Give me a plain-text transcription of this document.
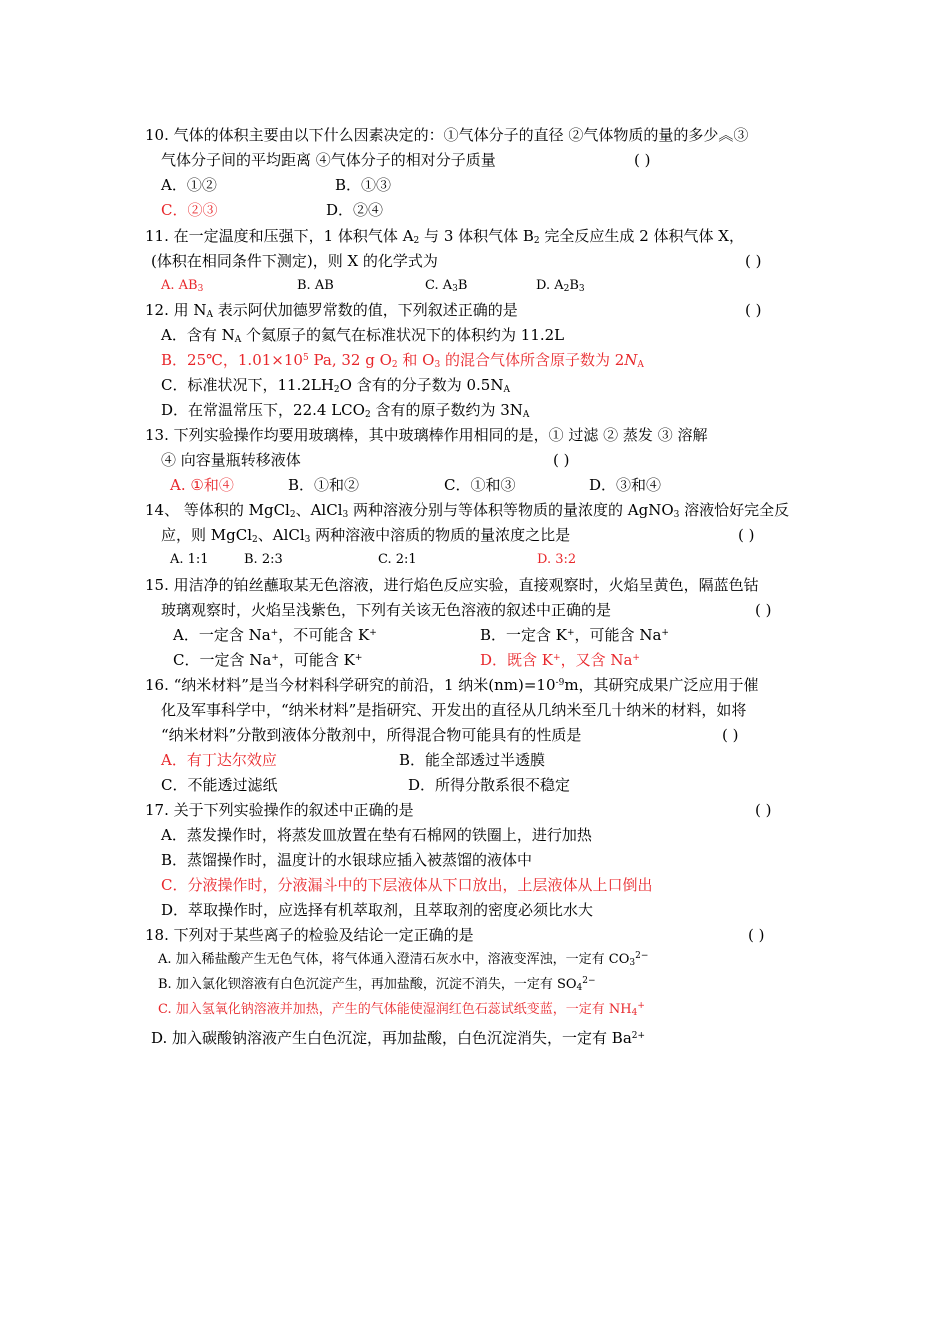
10. 气体的体积主要由以下什么因素决定的：①气体分子的直径 ②气体物质的量的多少︽③
气体分子间的平均距离 ④气体分子的相对分子质量	( )
A．①②	B．①③
C．②③	D．②④
11. 在一定温度和压强下，1 体积气体 $A_2$ 与 3 体积气体 $B_2$ 完全反应生成 2 体积气体 X，
(体积在相同条件下测定)，则 X 的化学式为	( )
A. $AB_3$	B. AB	C. $A_3B$	D. $A_2B_3$
12. 用 $N_A$ 表示阿伏加德罗常数的值，下列叙述正确的是	( )
A．含有 $N_A$ 个氦原子的氦气在标准状况下的体积约为 11.2L
B．25℃，$1.01\times 10^5$ Pa, 32 g $O_2$ 和 $O_3$ 的混合气体所含原子数为 $2N_A$
C．标准状况下，$11.2LH_2O$ 含有的分子数为 $0.5N_A$
D．在常温常压下，22.4 $LCO_2$ 含有的原子数约为 $3N_A$
13. 下列实验操作均要用玻璃棒，其中玻璃棒作用相同的是，① 过滤 ② 蒸发 ③ 溶解
④ 向容量瓶转移液体	( )
A. ①和④	B．①和②	C．①和③	D．③和④
14、 等体积的 MgCl$_2$、AlCl$_3$ 两种溶液分别与等体积等物质的量浓度的 AgNO$_3$ 溶液恰好完全反
应，则 MgCl$_2$、AlCl$_3$ 两种溶液中溶质的物质的量浓度之比是	( )
A. 1:1	B. 2:3	C. 2:1	D. 3:2
15. 用洁净的铂丝蘸取某无色溶液，进行焰色反应实验，直接观察时，火焰呈黄色，隔蓝色钴
玻璃观察时，火焰呈浅紫色，下列有关该无色溶液的叙述中正确的是	( )
A．一定含 Na+，不可能含 K+	B．一定含 K+，可能含 Na+
C．一定含 Na+，可能含 K+	D．既含 K+，又含 Na+
16. “纳米材料”是当今材料科学研究的前沿，1 纳米$(nm)=10^{-9}m$，其研究成果广泛应用于催
化及军事科学中，“纳米材料”是指研究、开发出的直径从几纳米至几十纳米的材料，如将
“纳米材料”分散到液体分散剂中，所得混合物可能具有的性质是	( )
A．有丁达尔效应	B．能全部透过半透膜
C．不能透过滤纸	D．所得分散系很不稳定
17. 关于下列实验操作的叙述中正确的是	( )
A．蒸发操作时，将蒸发皿放置在垫有石棉网的铁圈上，进行加热
B．蒸馏操作时，温度计的水银球应插入被蒸馏的液体中
C．分液操作时，分液漏斗中的下层液体从下口放出，上层液体从上口倒出
D．萃取操作时，应选择有机萃取剂，且萃取剂的密度必须比水大
18. 下列对于某些离子的检验及结论一定正确的是	( )
A. 加入稀盐酸产生无色气体，将气体通入澄清石灰水中，溶液变浑浊，一定有 $CO_3^{2-}$
B. 加入氯化钡溶液有白色沉淀产生，再加盐酸，沉淀不消失，一定有 $SO_4^{2-}$
C. 加入氢氧化钠溶液并加热，产生的气体能使湿润红色石蕊试纸变蓝，一定有 $NH_4^+$
D. 加入碳酸钠溶液产生白色沉淀，再加盐酸，白色沉淀消失，一定有 $Ba^{2+}$
